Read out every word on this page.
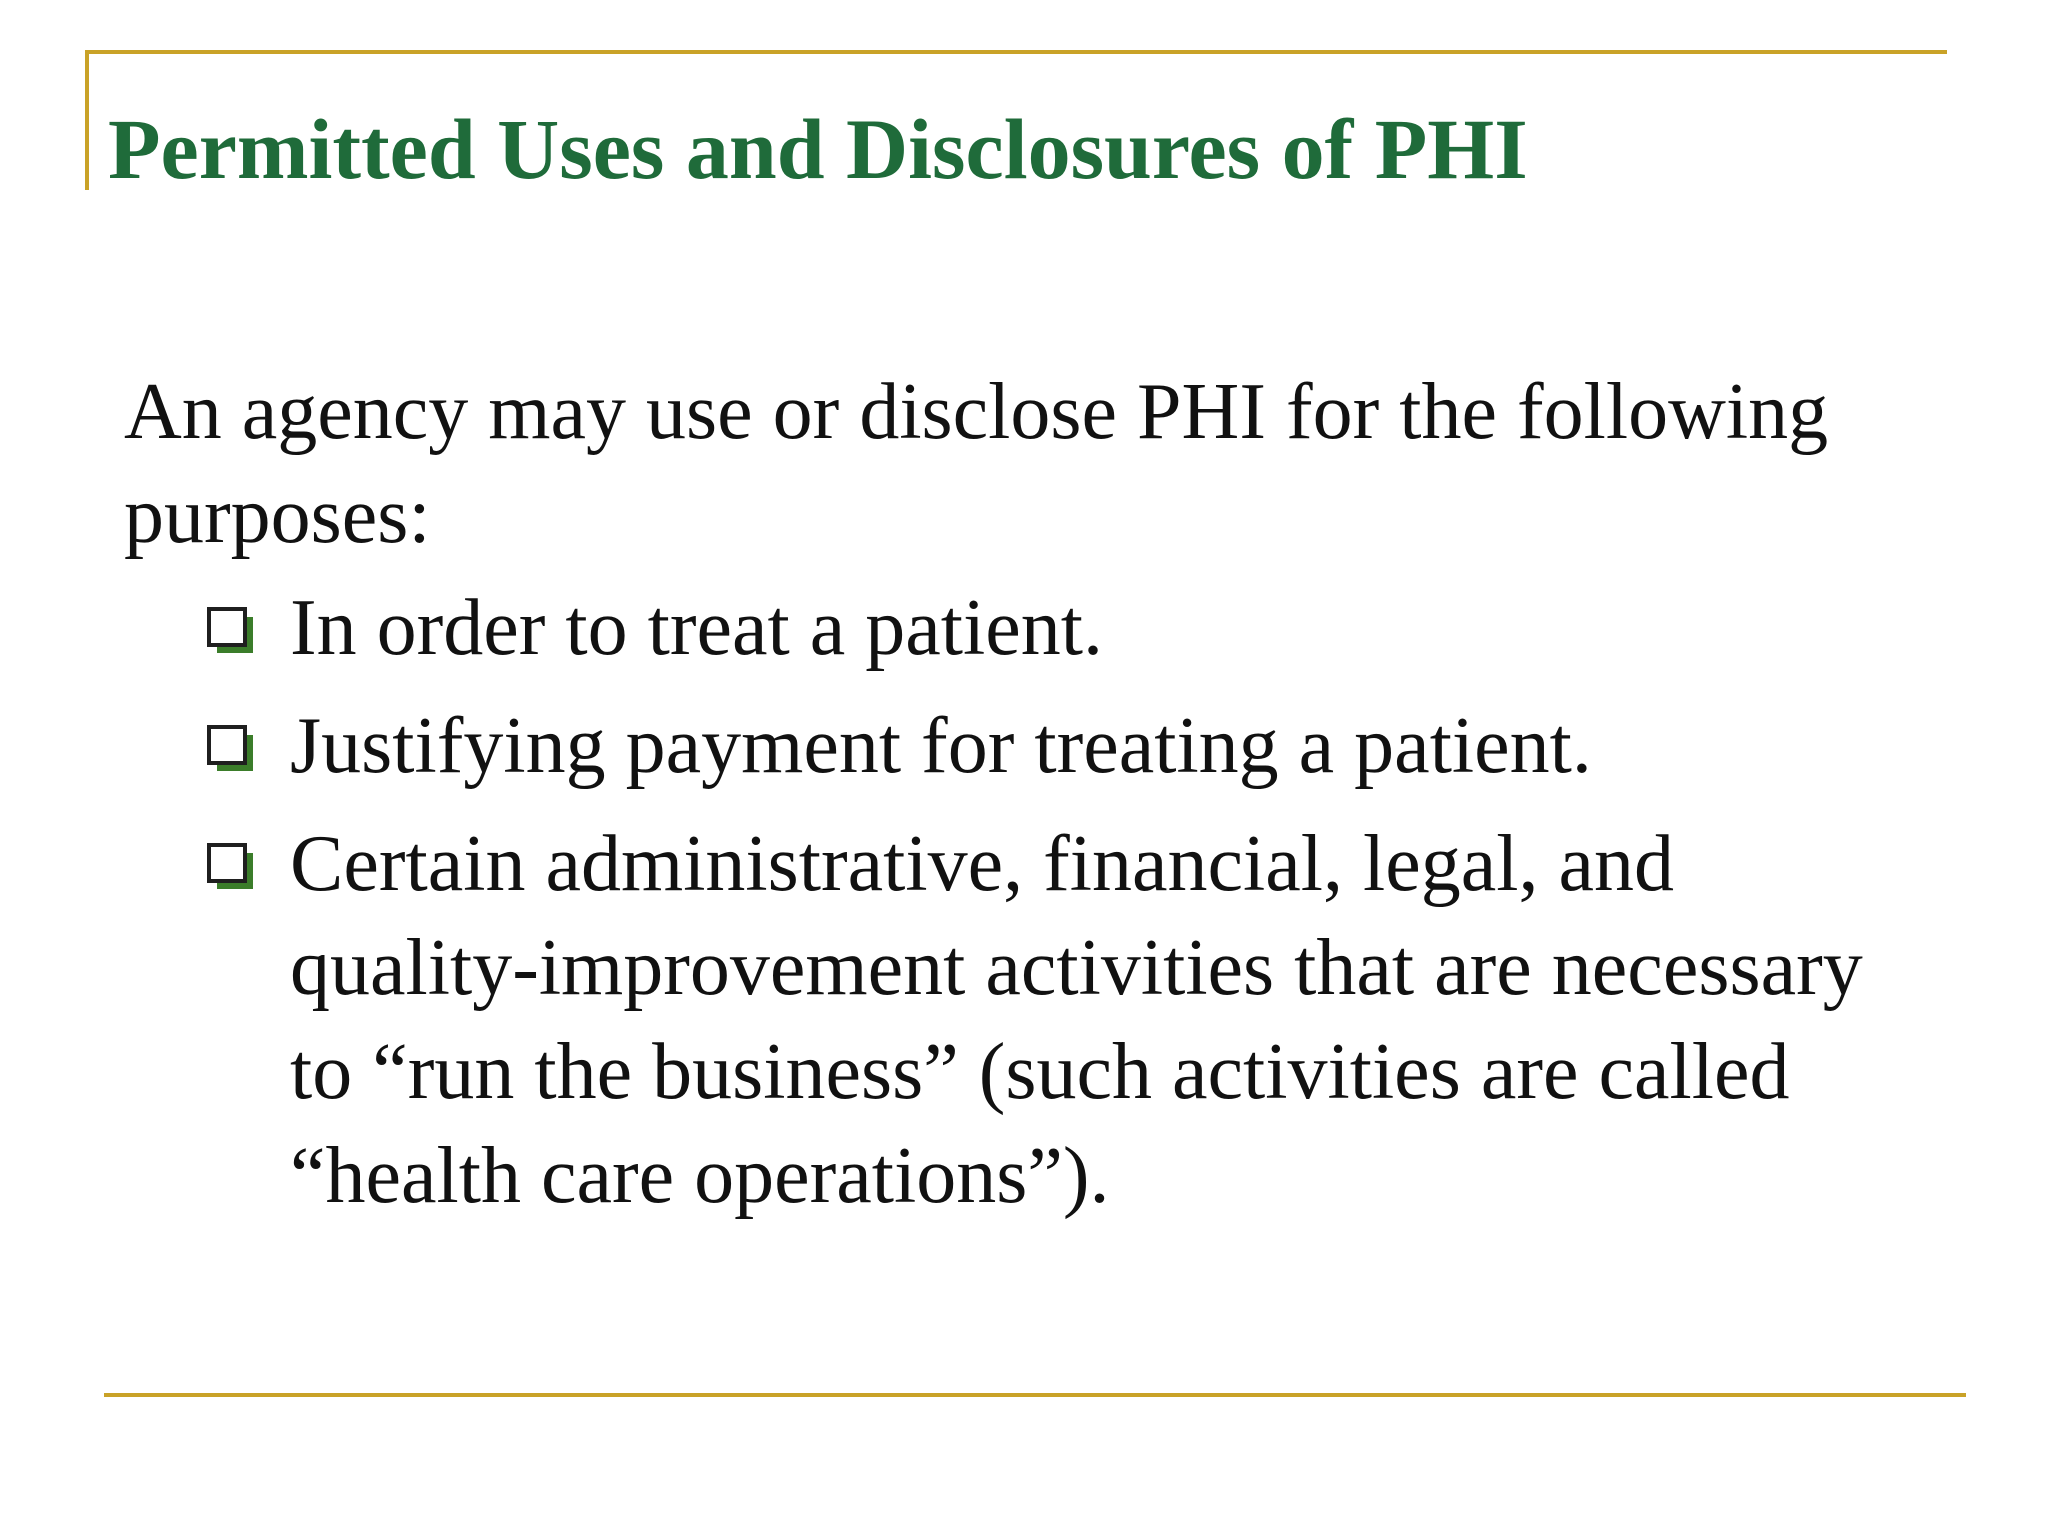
Permitted Uses and Disclosures of PHI

An agency may use or disclose PHI for the following purposes:

In order to treat a patient.
Justifying payment for treating a patient.
Certain administrative, financial, legal, and quality-improvement activities that are necessary to “run the business” (such activities are called “health care operations”).
